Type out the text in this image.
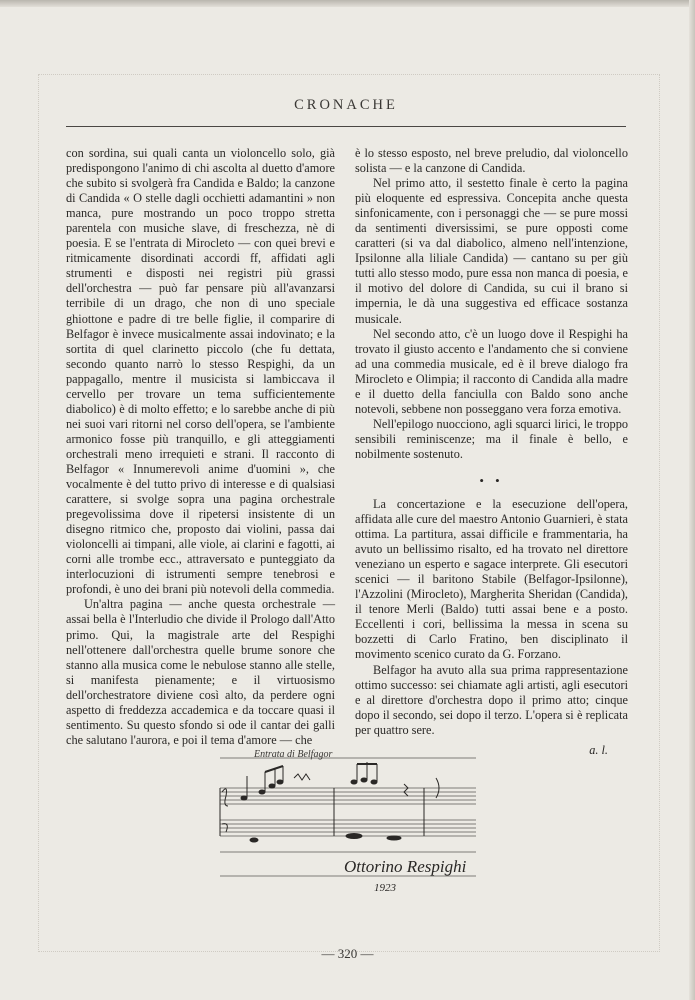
CRONACHE

con sordina, sui quali canta un violoncello solo, già predispongono l'animo di chi ascolta al duetto d'amore che subito si svolgerà fra Candida e Baldo; la canzone di Candida « O stelle dagli occhietti adamantini » non manca, pure mostrando un poco troppo stretta parentela con musiche slave, di freschezza, nè di poesia. E se l'entrata di Mirocleto — con quei brevi e ritmicamente disordinati accordi ff, affidati agli strumenti e disposti nei registri più grassi dell'orchestra — può far pensare più all'avanzarsi terribile di un drago, che non di uno speciale ghiottone e padre di tre belle figlie, il comparire di Belfagor è invece musicalmente assai indovinato; e la sortita di quel clarinetto piccolo (che fu dettata, secondo quanto narrò lo stesso Respighi, da un pappagallo, mentre il musicista si lambiccava il cervello per trovare un tema sufficientemente diabolico) è di molto effetto; e lo sarebbe anche di più nei suoi vari ritorni nel corso dell'opera, se l'ambiente armonico fosse più tranquillo, e gli atteggiamenti orchestrali meno irrequieti e strani. Il racconto di Belfagor « Innumerevoli anime d'uomini », che vocalmente è del tutto privo di interesse e di qualsiasi carattere, si svolge sopra una pagina orchestrale pregevolissima dove il ripetersi insistente di un disegno ritmico che, proposto dai violini, passa dai violoncelli ai timpani, alle viole, ai clarini e fagotti, ai corni alle trombe ecc., attraversato e punteggiato da interlocuzioni di istrumenti sempre tenebrosi e profondi, è uno dei brani più notevoli della commedia.

Un'altra pagina — anche questa orchestrale — assai bella è l'Interludio che divide il Prologo dall'Atto primo. Qui, la magistrale arte del Respighi nell'ottenere dall'orchestra quelle brume sonore che stanno alla musica come le nebulose stanno alle stelle, si manifesta pienamente; e il virtuosismo dell'orchestratore diviene così alto, da perdere ogni aspetto di freddezza accademica e da toccare quasi il sentimento. Su questo sfondo si ode il cantar dei galli che salutano l'aurora, e poi il tema d'amore — che

è lo stesso esposto, nel breve preludio, dal violoncello solista — e la canzone di Candida.

Nel primo atto, il sestetto finale è certo la pagina più eloquente ed espressiva. Concepita anche questa sinfonicamente, con i personaggi che — se pure mossi da sentimenti diversissimi, se pure opposti come caratteri (si va dal diabolico, almeno nell'intenzione, Ipsilonne alla liliale Candida) — cantano su per giù tutti allo stesso modo, pure essa non manca di poesia, e il motivo del dolore di Candida, su cui il brano si impernia, le dà una suggestiva ed efficace sostanza musicale.

Nel secondo atto, c'è un luogo dove il Respighi ha trovato il giusto accento e l'andamento che si conviene ad una commedia musicale, ed è il breve dialogo fra Mirocleto e Olimpia; il racconto di Candida alla madre e il duetto della fanciulla con Baldo sono anche notevoli, sebbene non posseggano vera forza emotiva.

Nell'epilogo nuocciono, agli squarci lirici, le troppo sensibili reminiscenze; ma il finale è bello, e nobilmente sostenuto.

• •

La concertazione e la esecuzione dell'opera, affidata alle cure del maestro Antonio Guarnieri, è stata ottima. La partitura, assai difficile e frammentaria, ha avuto un bellissimo risalto, ed ha trovato nel direttore veneziano un esperto e sagace interprete. Gli esecutori scenici — il baritono Stabile (Belfagor-Ipsilonne), l'Azzolini (Mirocleto), Margherita Sheridan (Candida), il tenore Merli (Baldo) tutti assai bene e a posto. Eccellenti i cori, bellissima la messa in scena su bozzetti di Carlo Fratino, ben disciplinato il movimento scenico curato da G. Forzano.

Belfagor ha avuto alla sua prima rappresentazione ottimo successo: sei chiamate agli artisti, agli esecutori e al direttore d'orchestra dopo il primo atto; cinque dopo il secondo, sei dopo il terzo. L'opera si è replicata per quattro sere.

a. l.
Entrata di Belfagor
Ottorino Respighi
1923
— 320 —
